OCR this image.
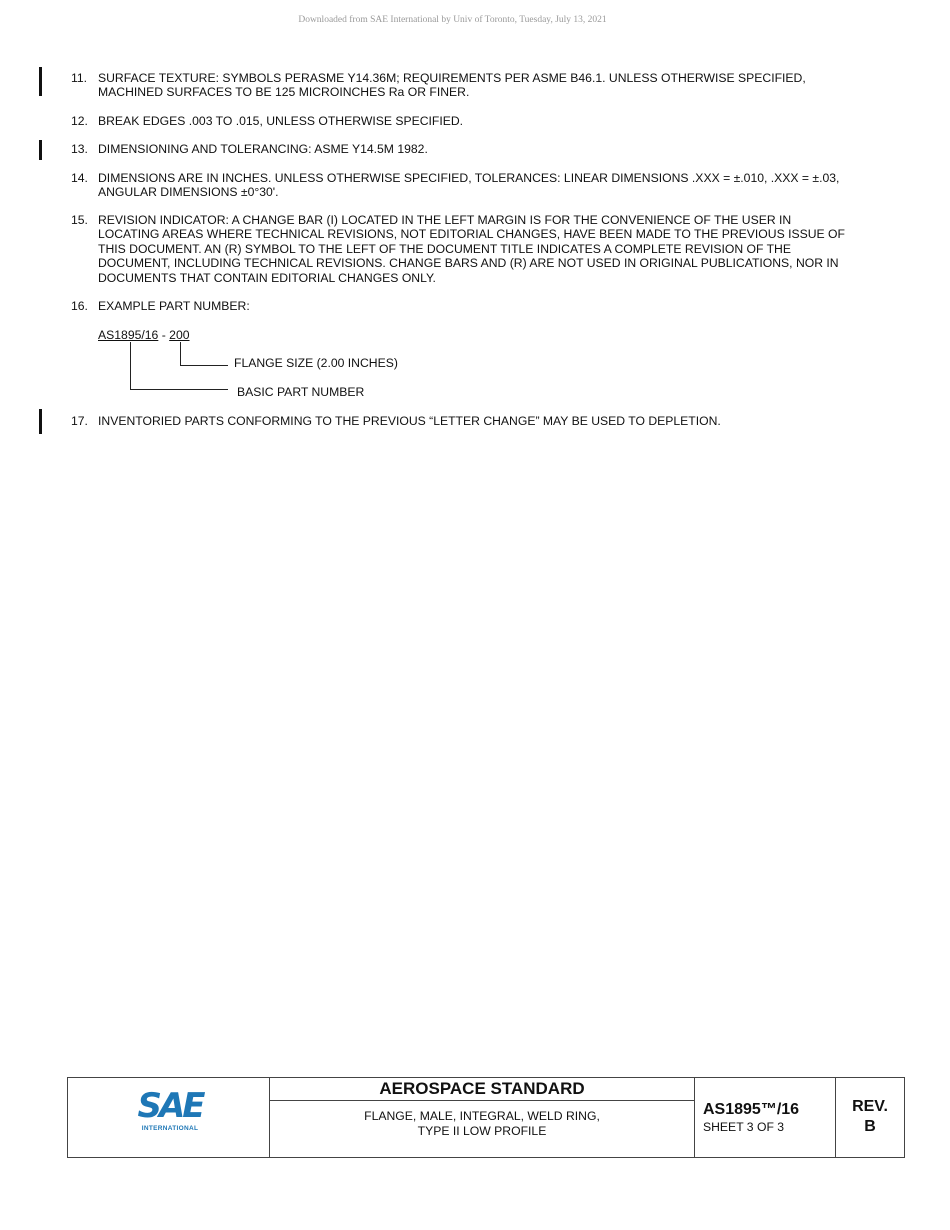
Downloaded from SAE International by Univ of Toronto, Tuesday, July 13, 2021
11. SURFACE TEXTURE: SYMBOLS PERASME Y14.36M; REQUIREMENTS PER ASME B46.1. UNLESS OTHERWISE SPECIFIED, MACHINED SURFACES TO BE 125 MICROINCHES Ra OR FINER.
12. BREAK EDGES .003 TO .015, UNLESS OTHERWISE SPECIFIED.
13. DIMENSIONING AND TOLERANCING: ASME Y14.5M 1982.
14. DIMENSIONS ARE IN INCHES. UNLESS OTHERWISE SPECIFIED, TOLERANCES: LINEAR DIMENSIONS .XXX = ±.010, .XXX = ±.03, ANGULAR DIMENSIONS ±0°30'.
15. REVISION INDICATOR: A CHANGE BAR (I) LOCATED IN THE LEFT MARGIN IS FOR THE CONVENIENCE OF THE USER IN LOCATING AREAS WHERE TECHNICAL REVISIONS, NOT EDITORIAL CHANGES, HAVE BEEN MADE TO THE PREVIOUS ISSUE OF THIS DOCUMENT. AN (R) SYMBOL TO THE LEFT OF THE DOCUMENT TITLE INDICATES A COMPLETE REVISION OF THE DOCUMENT, INCLUDING TECHNICAL REVISIONS. CHANGE BARS AND (R) ARE NOT USED IN ORIGINAL PUBLICATIONS, NOR IN DOCUMENTS THAT CONTAIN EDITORIAL CHANGES ONLY.
16. EXAMPLE PART NUMBER:
AS1895/16 - 200
FLANGE SIZE (2.00 INCHES)
BASIC PART NUMBER
17. INVENTORIED PARTS CONFORMING TO THE PREVIOUS “LETTER CHANGE” MAY BE USED TO DEPLETION.
SAE
INTERNATIONAL
AEROSPACE STANDARD
FLANGE, MALE, INTEGRAL, WELD RING,
TYPE II LOW PROFILE
AS1895™/16
SHEET 3 OF 3
REV.
B
